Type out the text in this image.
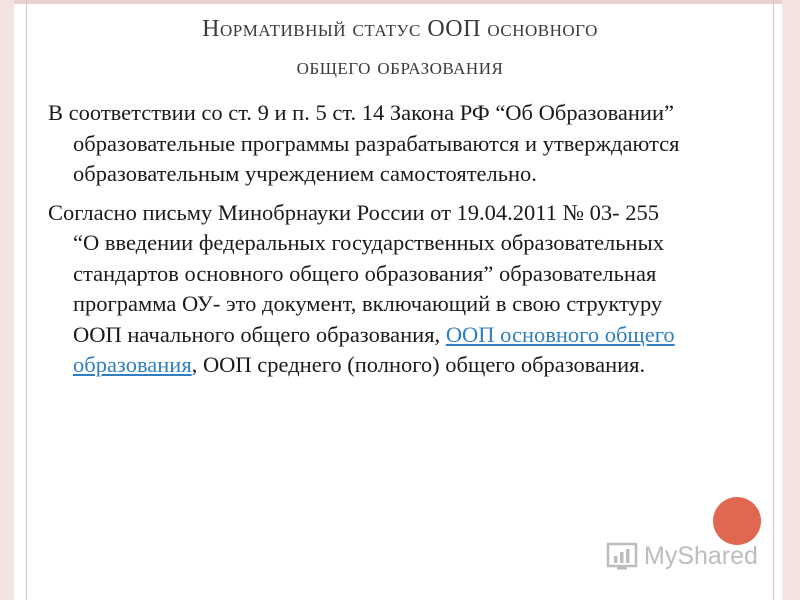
Нормативный статус ООП основного
общего образования

В соответствии со ст. 9 и п. 5 ст. 14 Закона РФ “Об Образовании” образовательные программы разрабатываются и утверждаются образовательным учреждением самостоятельно.

Согласно письму Минобрнауки России от 19.04.2011 № 03- 255 “О введении федеральных государственных образовательных стандартов основного общего образования” образовательная программа ОУ- это документ, включающий в свою структуру ООП начального общего образования, ООП основного общего образования, ООП среднего (полного) общего образования.

MyShared
